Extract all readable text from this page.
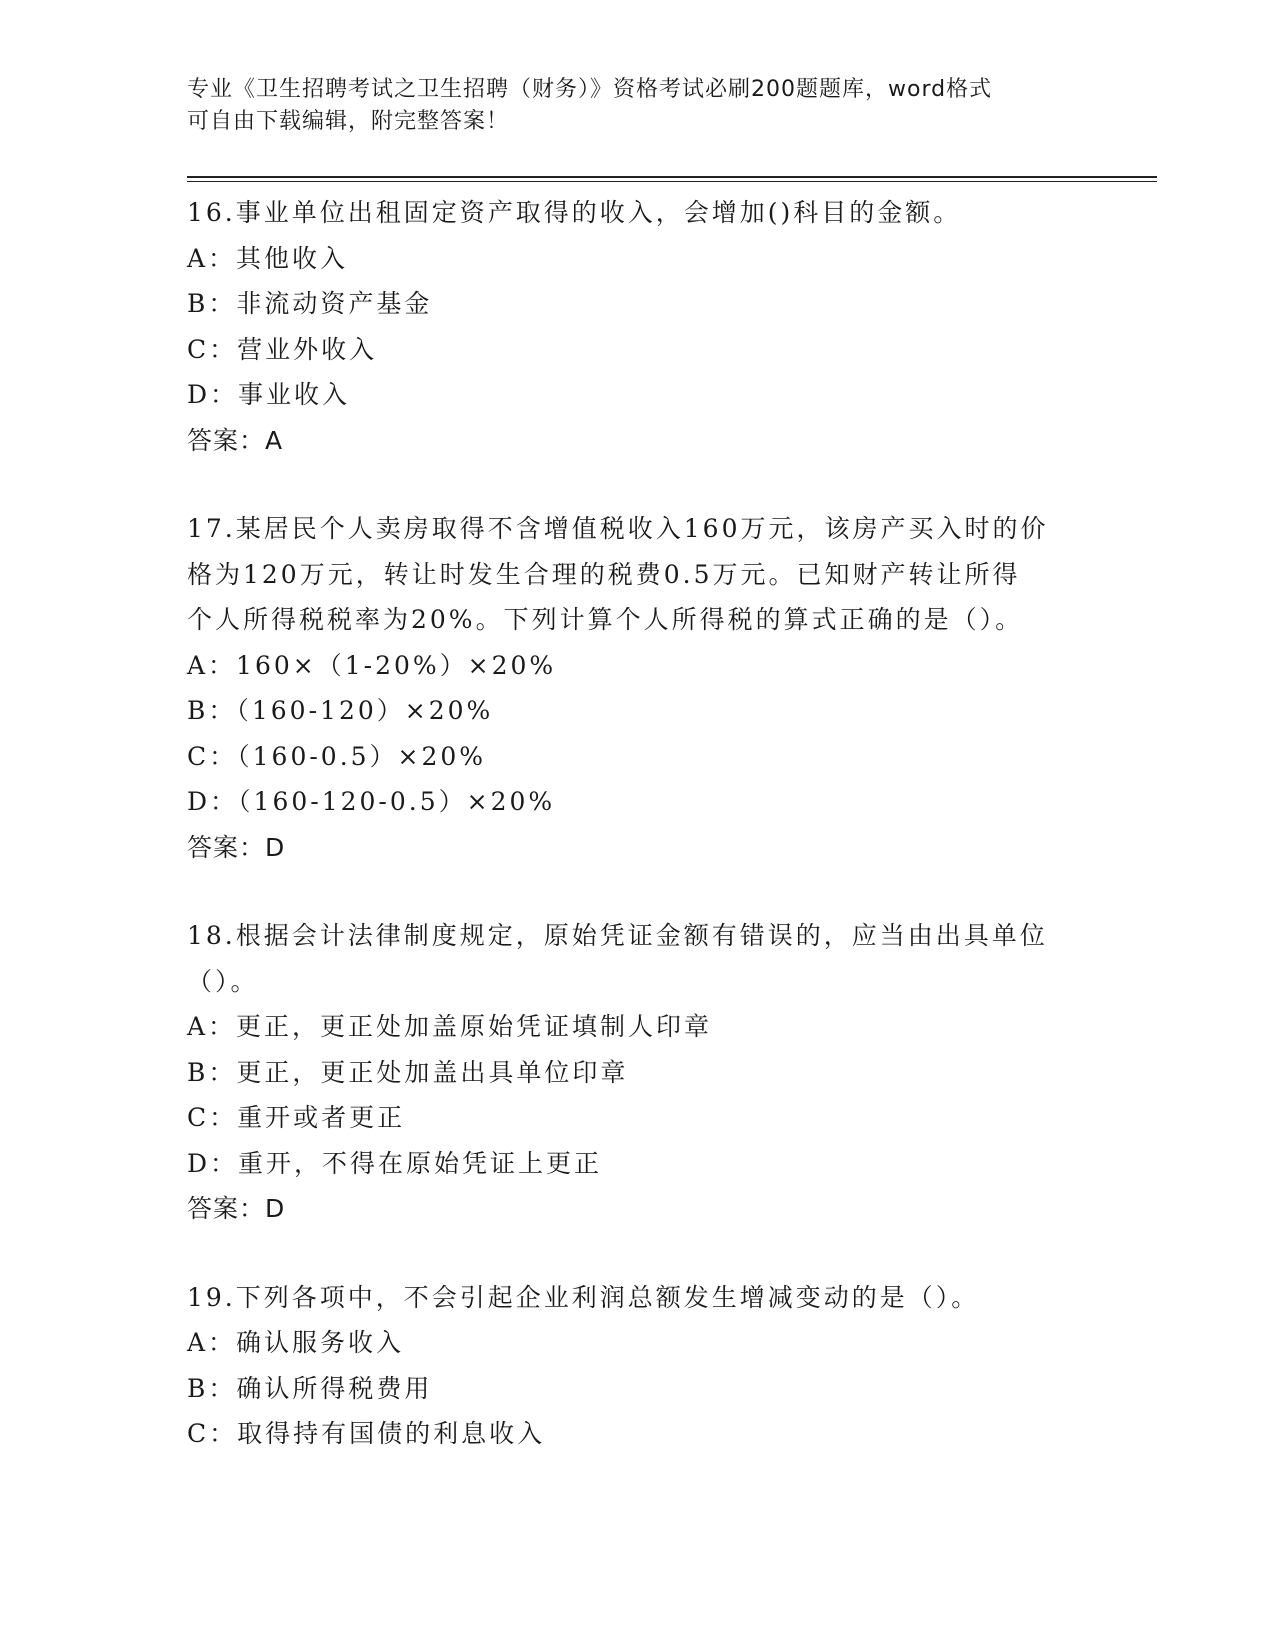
专业《卫生招聘考试之卫生招聘（财务）》资格考试必刷200题题库，word格式
可自由下载编辑，附完整答案！
16.事业单位出租固定资产取得的收入，会增加()科目的金额。
A：其他收入
B：非流动资产基金
C：营业外收入
D：事业收入
答案：A
17.某居民个人卖房取得不含增值税收入160万元，该房产买入时的价
格为120万元，转让时发生合理的税费0.5万元。已知财产转让所得
个人所得税税率为20%。下列计算个人所得税的算式正确的是（）。
A：160×（1-20%）×20%
B：（160-120）×20%
C：（160-0.5）×20%
D：（160-120-0.5）×20%
答案：D
18.根据会计法律制度规定，原始凭证金额有错误的，应当由出具单位
（）。
A：更正，更正处加盖原始凭证填制人印章
B：更正，更正处加盖出具单位印章
C：重开或者更正
D：重开，不得在原始凭证上更正
答案：D
19.下列各项中，不会引起企业利润总额发生增减变动的是（）。
A：确认服务收入
B：确认所得税费用
C：取得持有国债的利息收入
